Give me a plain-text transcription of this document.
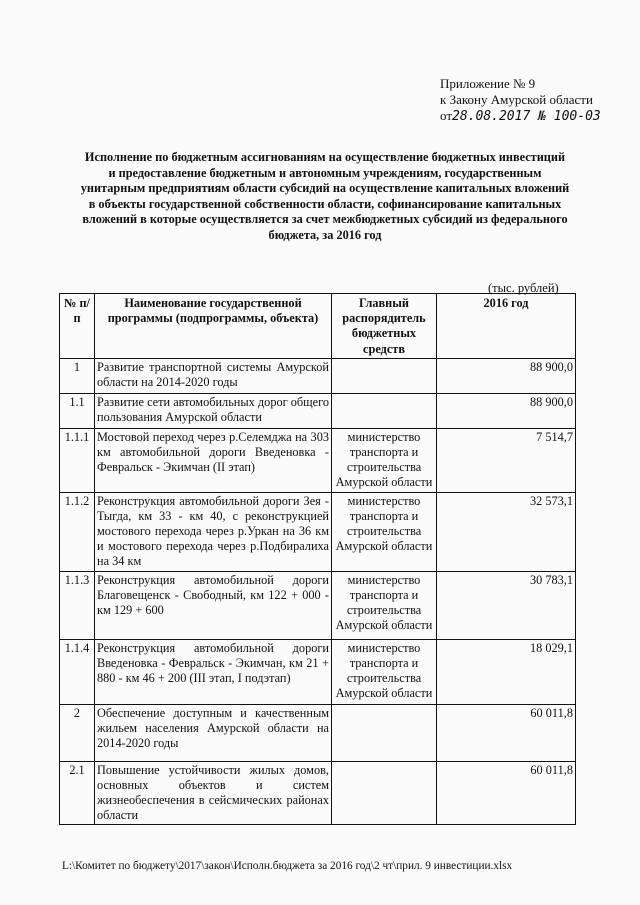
Приложение № 9
к Закону Амурской области
от28.08.2017 № 100-03
Исполнение по бюджетным ассигнованиям на осуществление бюджетных инвестиций и предоставление бюджетным и автономным учреждениям, государственным унитарным предприятиям области субсидий на осуществление капитальных вложений в объекты государственной собственности области, софинансирование капитальных вложений в которые осуществляется за счет межбюджетных субсидий из федерального бюджета, за 2016 год
(тыс. рублей)
№ п/п	Наименование государственной программы (подпрограммы, объекта)	Главный распорядитель бюджетных средств	2016 год
1	Развитие транспортной системы Амурской области на 2014-2020 годы		88 900,0
1.1	Развитие сети автомобильных дорог общего пользования Амурской области		88 900,0
1.1.1	Мостовой переход через р.Селемджа на 303 км автомобильной дороги Введеновка - Февральск - Экимчан (II этап)	министерство транспорта и строительства Амурской области	7 514,7
1.1.2	Реконструкция автомобильной дороги Зея - Тыгда, км 33 - км 40, с реконструкцией мостового перехода через р.Уркан на 36 км и мостового перехода через р.Подбиралиха на 34 км	министерство транспорта и строительства Амурской области	32 573,1
1.1.3	Реконструкция автомобильной дороги Благовещенск - Свободный, км 122 + 000 - км 129 + 600	министерство транспорта и строительства Амурской области	30 783,1
1.1.4	Реконструкция автомобильной дороги Введеновка - Февральск - Экимчан, км 21 + 880 - км 46 + 200 (III этап, I подэтап)	министерство транспорта и строительства Амурской области	18 029,1
2	Обеспечение доступным и качественным жильем населения Амурской области на 2014-2020 годы		60 011,8
2.1	Повышение устойчивости жилых домов, основных объектов и систем жизнеобеспечения в сейсмических районах области		60 011,8
L:\Комитет по бюджету\2017\закон\Исполн.бюджета за 2016 год\2 чт\прил. 9 инвестиции.xlsx
